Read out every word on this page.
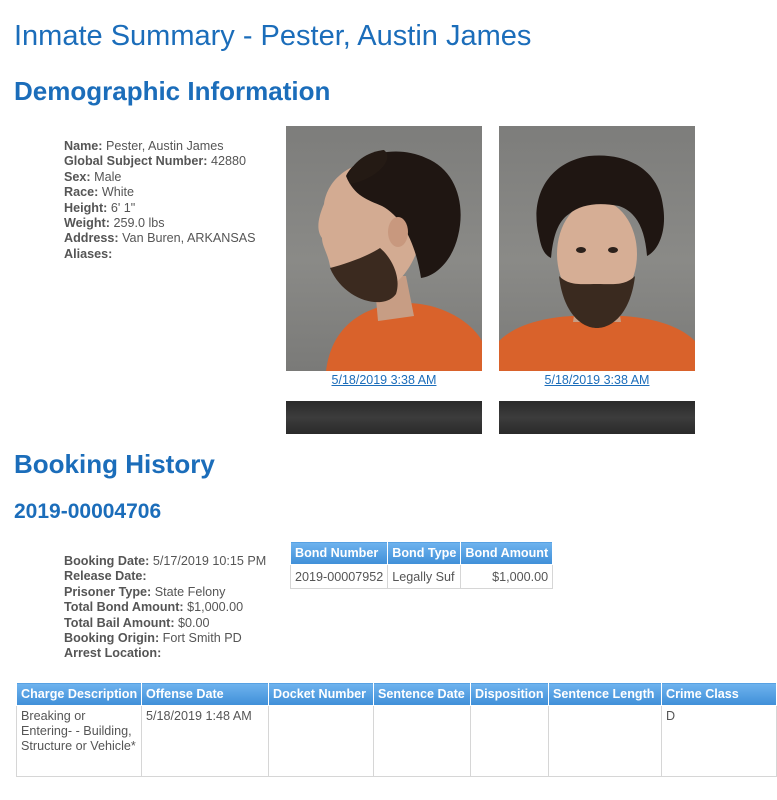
Inmate Summary - Pester, Austin James
Demographic Information
Name: Pester, Austin James
Global Subject Number: 42880
Sex: Male
Race: White
Height: 6' 1"
Weight: 259.0 lbs
Address: Van Buren, ARKANSAS
Aliases:
5/18/2019 3:38 AM	5/18/2019 3:38 AM
Booking History
2019-00004706
Booking Date: 5/17/2019 10:15 PM
Release Date:
Prisoner Type: State Felony
Total Bond Amount: $1,000.00
Total Bail Amount: $0.00
Booking Origin: Fort Smith PD
Arrest Location:
Bond Number	Bond Type	Bond Amount
2019-00007952	Legally Suf	$1,000.00
Charge Description	Offense Date	Docket Number	Sentence Date	Disposition	Sentence Length	Crime Class
Breaking or Entering- - Building, Structure or Vehicle*	5/18/2019 1:48 AM					D
